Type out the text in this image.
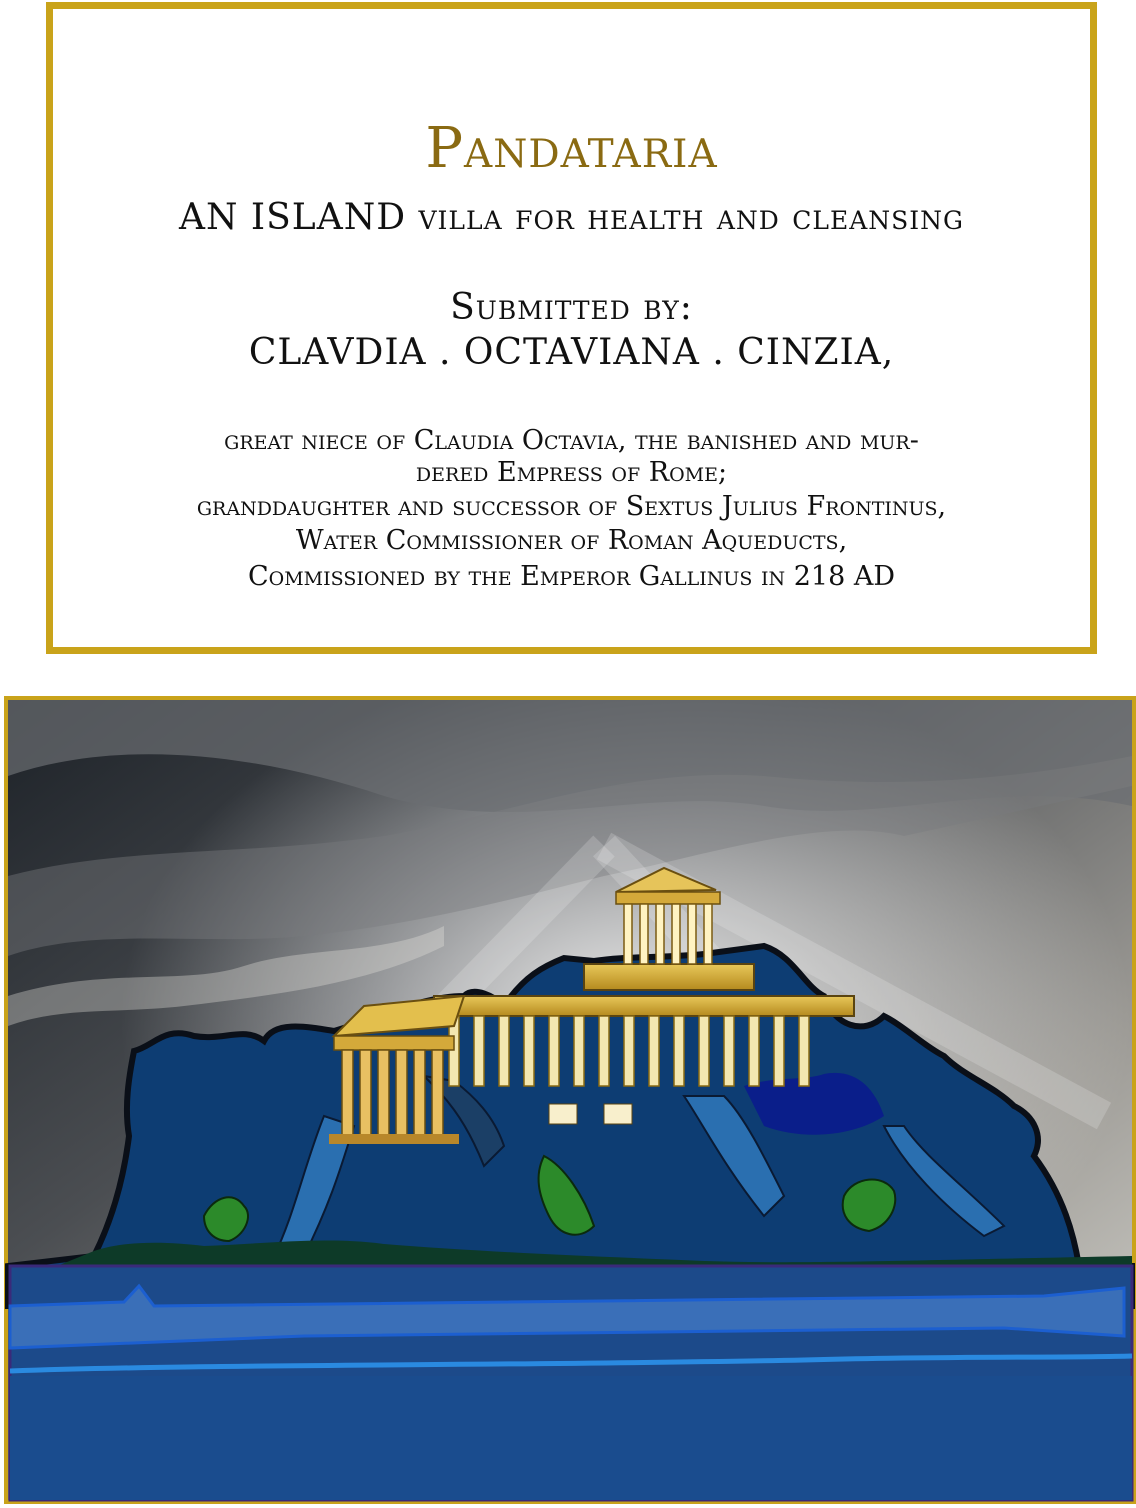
Pandataria
AN ISLAND villa for health and cleansing
Submitted by:
CLAVDIA . OCTAVIANA . CINZIA,
great niece of Claudia Octavia, the banished and mur-
dered Empress of Rome;
granddaughter and successor of Sextus Julius Frontinus,
Water Commissioner of Roman Aqueducts,
Commissioned by the Emperor Gallinus in 218 AD
